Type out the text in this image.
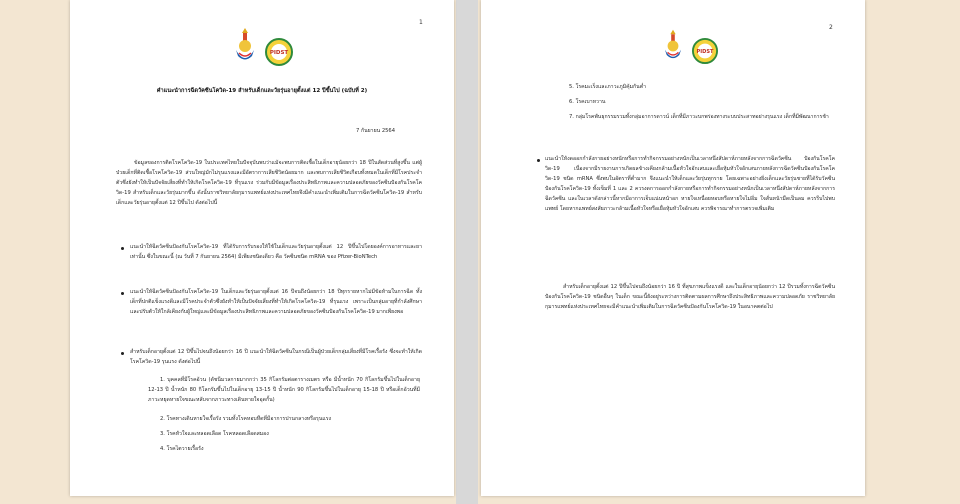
1
PIDST
คำแนะนำการฉีดวัคซีนโควิด-19 สำหรับเด็กและวัยรุ่นอายุตั้งแต่ 12 ปีขึ้นไป (ฉบับที่ 2)
7 กันยายน 2564
ข้อมูลของการติดโรคโควิด-19 ในประเทศไทยในปัจจุบันพบว่าแม้จะพบการติดเชื้อในเด็กอายุน้อยกว่า 18 ปีในสัดส่วนที่สูงขึ้น แต่ผู้ป่วยเด็กที่ติดเชื้อโรคโควิด-19 ส่วนใหญ่มักไม่รุนแรงและมีอัตราการเสียชีวิตน้อยมาก และพบการเสียชีวิตเกือบทั้งหมดในเด็กที่มีโรคประจำตัวซึ่งยังทำให้เป็นปัจจัยเสี่ยงที่ทำให้เกิดโรคโควิด-19 ที่รุนแรง ร่วมกับมีข้อมูลเรื่องประสิทธิภาพและความปลอดภัยของวัคซีนป้องกันโรคโควิด-19 สำหรับเด็กและวัยรุ่นมากขึ้น ดังนั้นราชวิทยาลัยกุมารแพทย์แห่งประเทศไทยจึงมีคำแนะนำเพิ่มเติมในการฉีดวัคซีนโควิด-19 สำหรับเด็กและวัยรุ่นอายุตั้งแต่ 12 ปีขึ้นไป ดังต่อไปนี้
แนะนำให้ฉีดวัคซีนป้องกันโรคโควิด-19 ที่ได้รับการรับรองให้ใช้ในเด็กและวัยรุ่นอายุตั้งแต่ 12 ปีขึ้นไปโดยองค์การอาหารและยาเท่านั้น ซึ่งในขณะนี้ (ณ วันที่ 7 กันยายน 2564) มีเพียงชนิดเดียว คือ วัคซีนชนิด mRNA ของ Pfizer-BioNTech
แนะนำให้ฉีดวัคซีนป้องกันโรคโควิด-19 ในเด็กและวัยรุ่นอายุตั้งแต่ 16 ปีจนถึงน้อยกว่า 18 ปีทุกรายหากไม่มีข้อห้ามในการฉีด ทั้งเด็กที่ปกติแข็งแรงดีและมีโรคประจำตัวซึ่งยังทำให้เป็นปัจจัยเสี่ยงที่ทำให้เกิดโรคโควิด-19 ที่รุนแรง เพราะเป็นกลุ่มอายุที่กำลังศึกษาและปรับตัวให้ใกล้เคียงกับผู้ใหญ่และมีข้อมูลเรื่องประสิทธิภาพและความปลอดภัยของวัคซีนป้องกันโรคโควิด-19 มากเพียงพอ
สำหรับเด็กอายุตั้งแต่ 12 ปีขึ้นไปจนถึงน้อยกว่า 16 ปี แนะนำให้ฉีดวัคซีนในกรณีเป็นผู้ป่วยเด็กกลุ่มเสี่ยงที่มีโรคเรื้อรัง ซึ่งจะทำให้เกิดโรคโควิด-19 รุนแรง ดังต่อไปนี้
1. บุคคลที่มีโรคอ้วน (ดัชนีมวลกายมากกว่า 35 กิโลกรัมต่อตารางเมตร หรือ มีน้ำหนัก 70 กิโลกรัมขึ้นไปในเด็กอายุ 12-13 ปี น้ำหนัก 80 กิโลกรัมขึ้นไปในเด็กอายุ 13-15 ปี น้ำหนัก 90 กิโลกรัมขึ้นไปในเด็กอายุ 15-18 ปี หรือเด็กอ้วนที่มีภาวะหยุดหายใจขณะหลับจากภาวะทางเดินหายใจอุดกั้น)
2. โรคทางเดินหายใจเรื้อรัง รวมทั้งโรคหอบหืดที่มีอาการปานกลางหรือรุนแรง
3. โรคหัวใจและหลอดเลือด โรคหลอดเลือดสมอง
4. โรคไตวายเรื้อรัง
2
PIDST
5. โรคมะเร็งและภาวะภูมิคุ้มกันต่ำ
6. โรคเบาหวาน
7. กลุ่มโรคพันธุกรรมรวมทั้งกลุ่มอาการดาวน์ เด็กที่มีภาวะบกพร่องทางระบบประสาทอย่างรุนแรง เด็กที่มีพัฒนาการช้า
แนะนำให้งดออกกำลังกายอย่างหนักหรือการทำกิจกรรมอย่างหนักเป็นเวลาหนึ่งสัปดาห์ภายหลังจากการฉีดวัคซีน ป้องกันโรคโควิด-19 เนื่องจากมีรายงานการเกิดผลข้างเคียงกล้ามเนื้อหัวใจอักเสบและเยื่อหุ้มหัวใจอักเสบภายหลังการฉีดวัคซีนป้องกันโรคโควิด-19 ชนิด mRNA ซึ่งพบในอัตราที่ต่ำมาก จึงแนะนำให้เด็กและวัยรุ่นทุกราย โดยเฉพาะอย่างยิ่งเด็กและวัยรุ่นชายที่ได้รับวัคซีนป้องกันโรคโควิด-19 ทั้งเข็มที่ 1 และ 2 ควรงดการออกกำลังกายหรือการทำกิจกรรมอย่างหนักเป็นเวลาหนึ่งสัปดาห์ภายหลังจากการฉีดวัคซีน และในเวลาดังกล่าวนี้หากมีอาการเจ็บแน่นหน้าอก หายใจเหนื่อยหอบหรือหายใจไม่อิ่ม ใจสั่นหน้ามืดเป็นลม ควรรีบไปพบแพทย์ โดยหากแพทย์สงสัยภาวะกล้ามเนื้อหัวใจหรือเยื่อหุ้มหัวใจอักเสบ ควรพิจารณาทำการตรวจเพิ่มเติม
สำหรับเด็กอายุตั้งแต่ 12 ปีขึ้นไปจนถึงน้อยกว่า 16 ปี ที่สุขภาพแข็งแรงดี และในเด็กอายุน้อยกว่า 12 ปีรวมทั้งการฉีดวัคซีนป้องกันโรคโควิด-19 ชนิดอื่นๆ ในเด็ก ขณะนี้ยังอยู่ระหว่างการติดตามผลการศึกษาถึงประสิทธิภาพและความปลอดภัย ราชวิทยาลัยกุมารแพทย์แห่งประเทศไทยจะมีคำแนะนำเพิ่มเติมในการฉีดวัคซีนป้องกันโรคโควิด-19 ในอนาคตต่อไป
